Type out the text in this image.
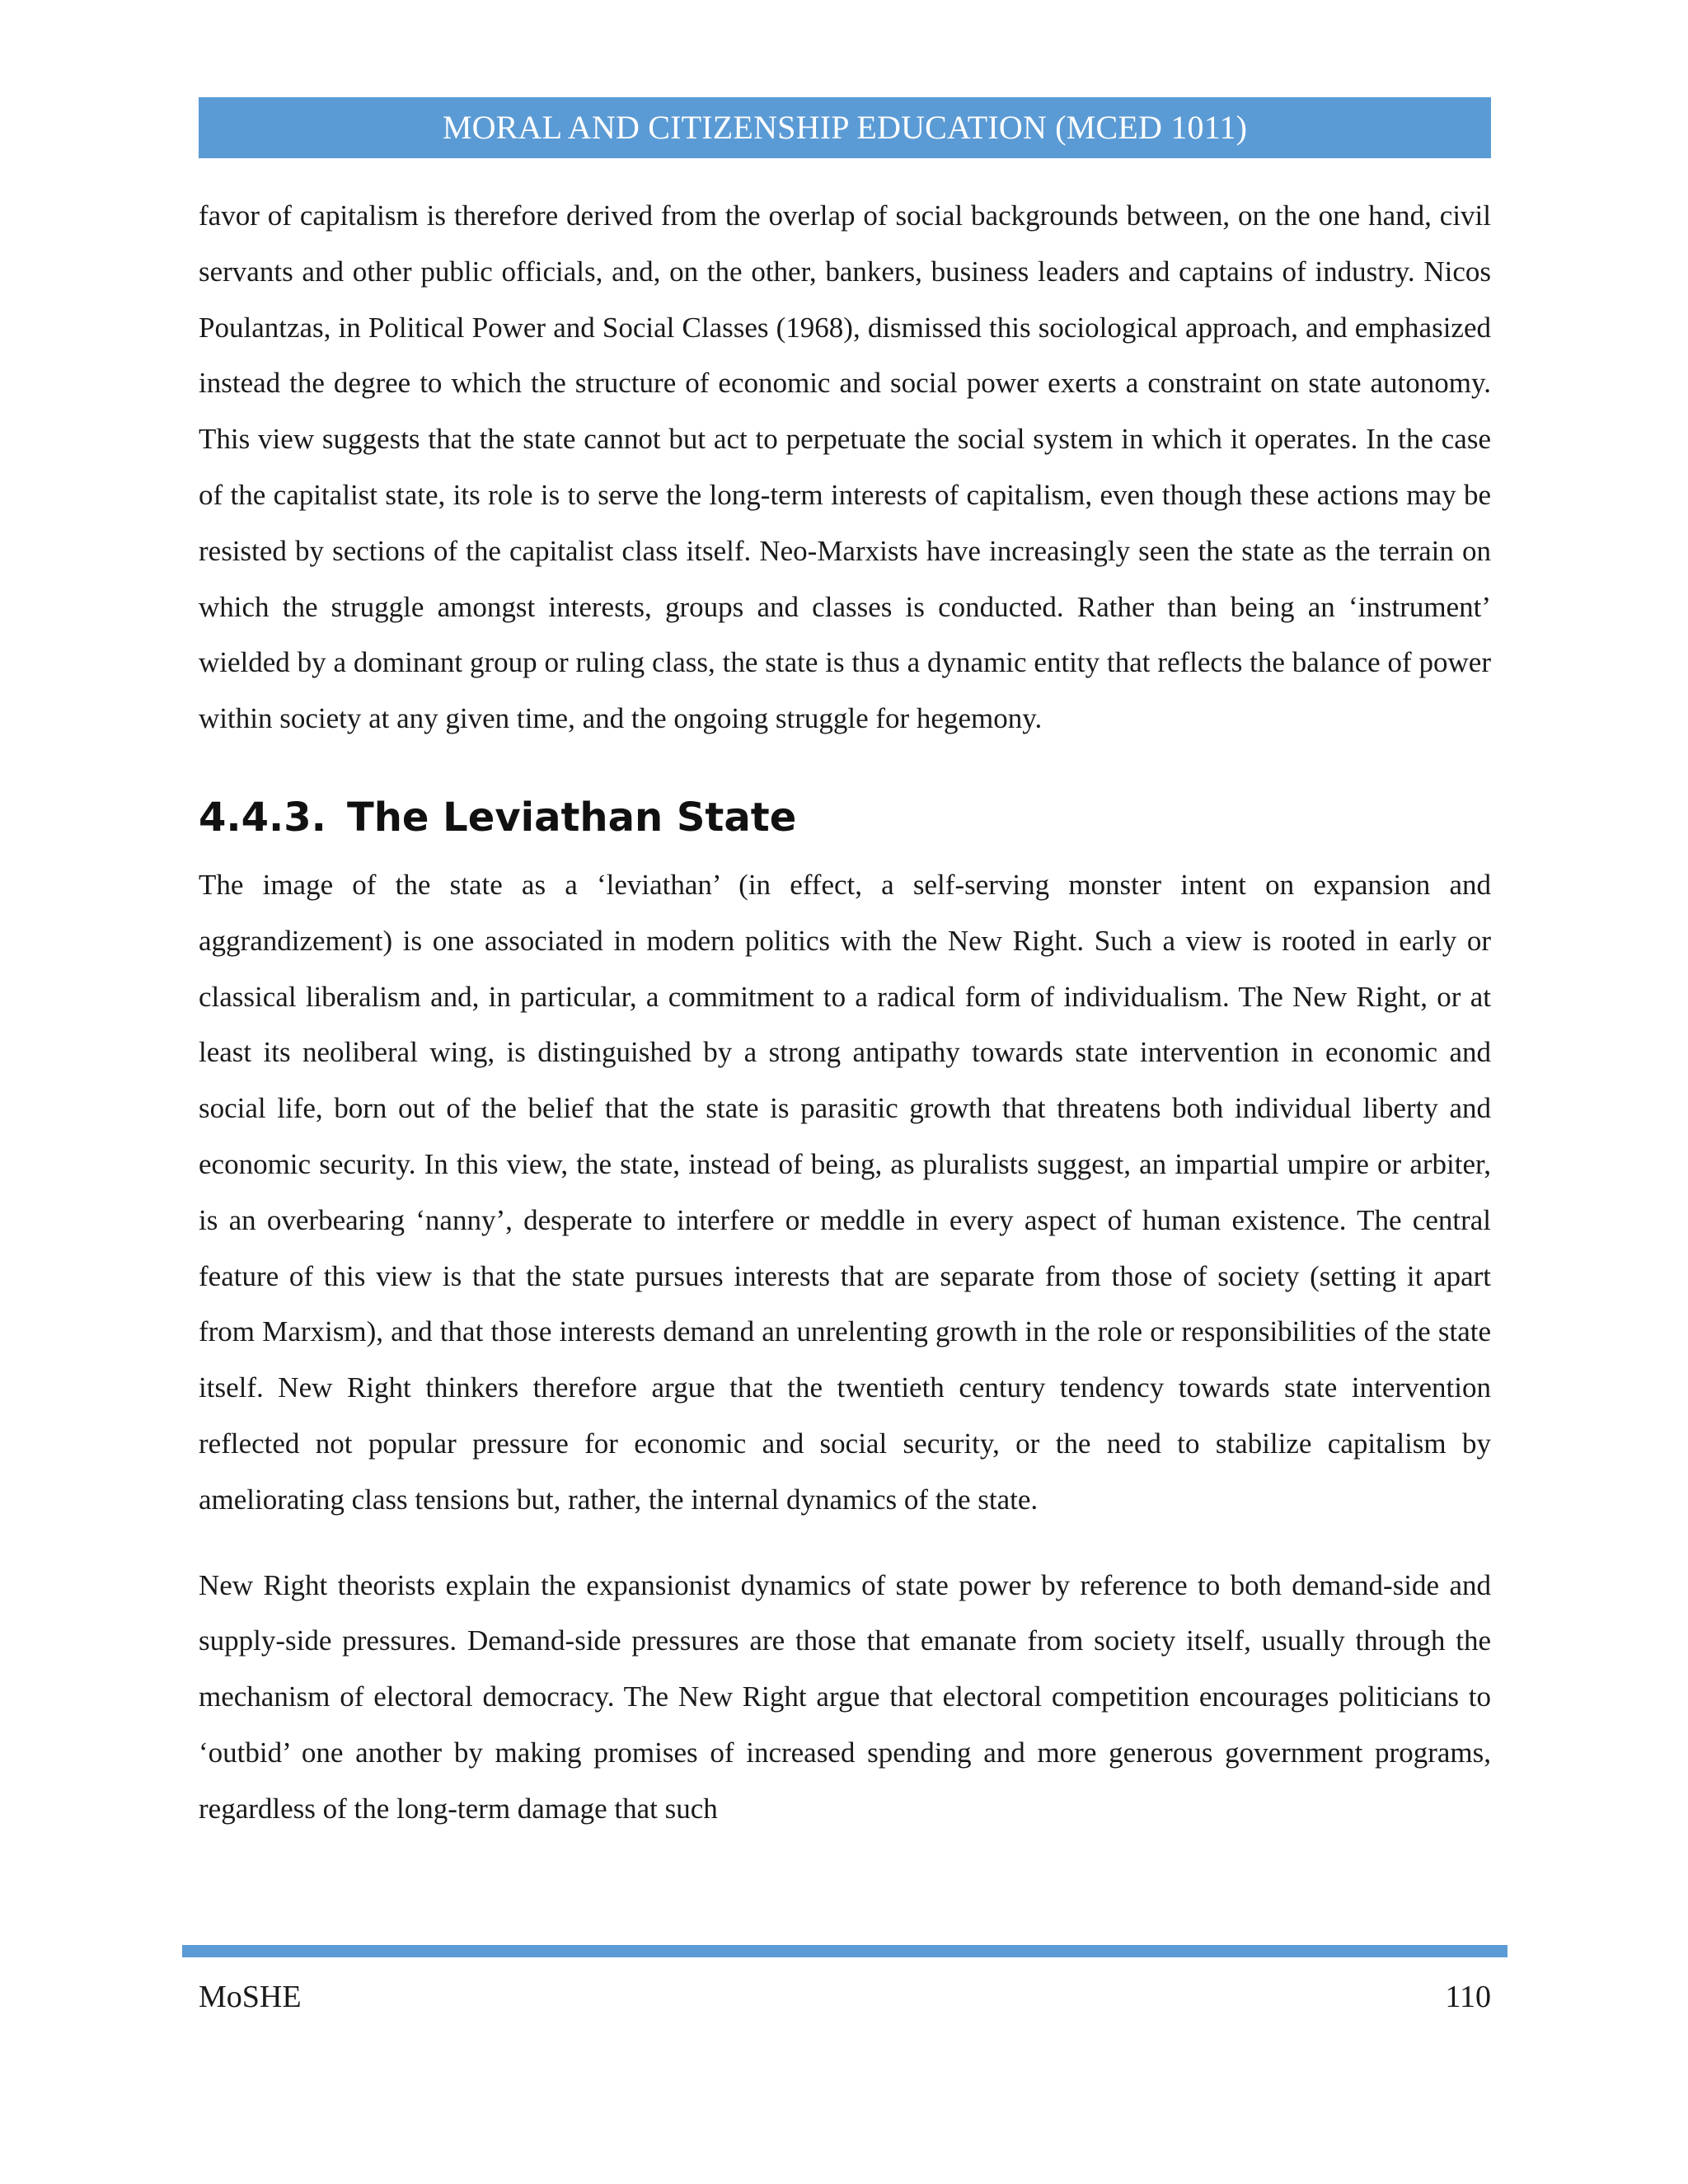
MORAL AND CITIZENSHIP EDUCATION (MCED 1011)

favor of capitalism is therefore derived from the overlap of social backgrounds between, on the one hand, civil servants and other public officials, and, on the other, bankers, business leaders and captains of industry. Nicos Poulantzas, in Political Power and Social Classes (1968), dismissed this sociological approach, and emphasized instead the degree to which the structure of economic and social power exerts a constraint on state autonomy. This view suggests that the state cannot but act to perpetuate the social system in which it operates. In the case of the capitalist state, its role is to serve the long-term interests of capitalism, even though these actions may be resisted by sections of the capitalist class itself. Neo-Marxists have increasingly seen the state as the terrain on which the struggle amongst interests, groups and classes is conducted. Rather than being an ‘instrument’ wielded by a dominant group or ruling class, the state is thus a dynamic entity that reflects the balance of power within society at any given time, and the ongoing struggle for hegemony.

4.4.3. The Leviathan State

The image of the state as a ‘leviathan’ (in effect, a self-serving monster intent on expansion and aggrandizement) is one associated in modern politics with the New Right. Such a view is rooted in early or classical liberalism and, in particular, a commitment to a radical form of individualism. The New Right, or at least its neoliberal wing, is distinguished by a strong antipathy towards state intervention in economic and social life, born out of the belief that the state is parasitic growth that threatens both individual liberty and economic security. In this view, the state, instead of being, as pluralists suggest, an impartial umpire or arbiter, is an overbearing ‘nanny’, desperate to interfere or meddle in every aspect of human existence. The central feature of this view is that the state pursues interests that are separate from those of society (setting it apart from Marxism), and that those interests demand an unrelenting growth in the role or responsibilities of the state itself. New Right thinkers therefore argue that the twentieth century tendency towards state intervention reflected not popular pressure for economic and social security, or the need to stabilize capitalism by ameliorating class tensions but, rather, the internal dynamics of the state.

New Right theorists explain the expansionist dynamics of state power by reference to both demand-side and supply-side pressures. Demand-side pressures are those that emanate from society itself, usually through the mechanism of electoral democracy. The New Right argue that electoral competition encourages politicians to ‘outbid’ one another by making promises of increased spending and more generous government programs, regardless of the long-term damage that such

MoSHE	110
